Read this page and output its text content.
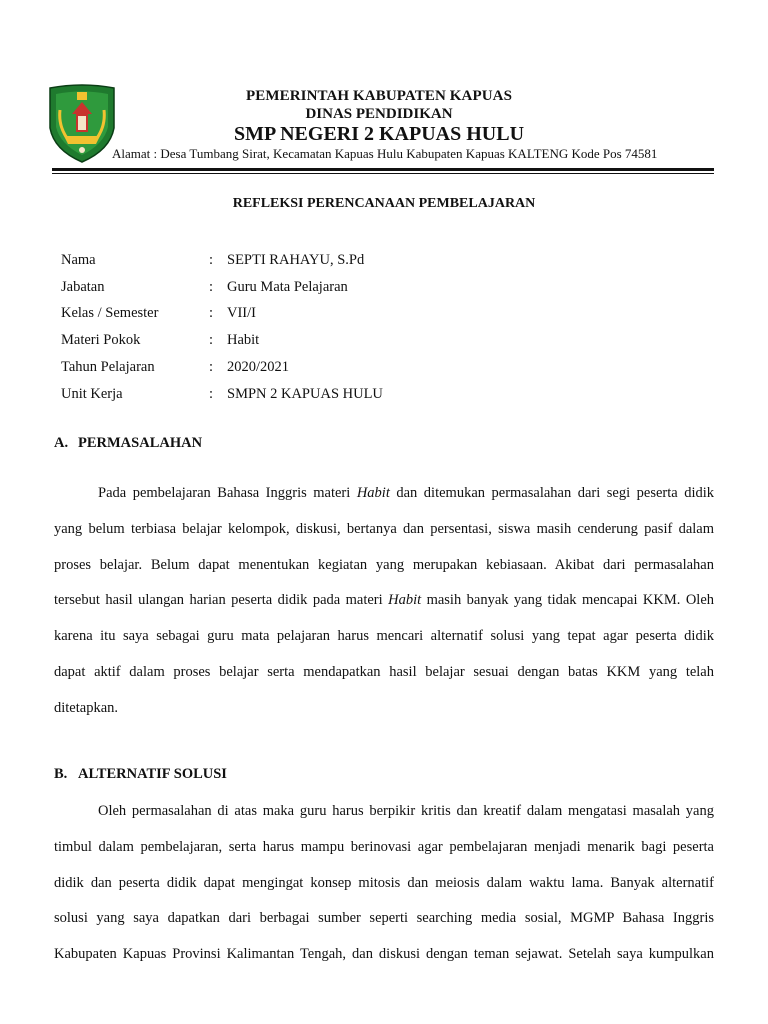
PEMERINTAH KABUPATEN KAPUAS
DINAS PENDIDIKAN
SMP NEGERI 2 KAPUAS HULU
Alamat : Desa Tumbang Sirat, Kecamatan Kapuas Hulu Kabupaten Kapuas KALTENG Kode Pos 74581
REFLEKSI PERENCANAAN PEMBELAJARAN
Nama	: SEPTI RAHAYU, S.Pd
Jabatan	: Guru Mata Pelajaran
Kelas / Semester	: VII/I
Materi Pokok	: Habit
Tahun Pelajaran	: 2020/2021
Unit Kerja	: SMPN 2 KAPUAS HULU
A. PERMASALAHAN
Pada pembelajaran Bahasa Inggris materi Habit dan ditemukan permasalahan dari segi peserta didik
yang belum terbiasa belajar kelompok, diskusi, bertanya dan persentasi, siswa masih cenderung pasif dalam
proses belajar. Belum dapat menentukan kegiatan yang merupakan kebiasaan. Akibat dari permasalahan
tersebut hasil ulangan harian peserta didik pada materi Habit masih banyak yang tidak mencapai KKM. Oleh
karena itu saya sebagai guru mata pelajaran harus mencari alternatif solusi yang tepat agar peserta didik
dapat aktif dalam proses belajar serta mendapatkan hasil belajar sesuai dengan batas KKM yang telah
ditetapkan.
B. ALTERNATIF SOLUSI
Oleh permasalahan di atas maka guru harus berpikir kritis dan kreatif dalam mengatasi masalah yang
timbul dalam pembelajaran, serta harus mampu berinovasi agar pembelajaran menjadi menarik bagi peserta
didik dan peserta didik dapat mengingat konsep mitosis dan meiosis dalam waktu lama. Banyak alternatif
solusi yang saya dapatkan dari berbagai sumber seperti searching media sosial, MGMP Bahasa Inggris
Kabupaten Kapuas Provinsi Kalimantan Tengah, dan diskusi dengan teman sejawat. Setelah saya kumpulkan
